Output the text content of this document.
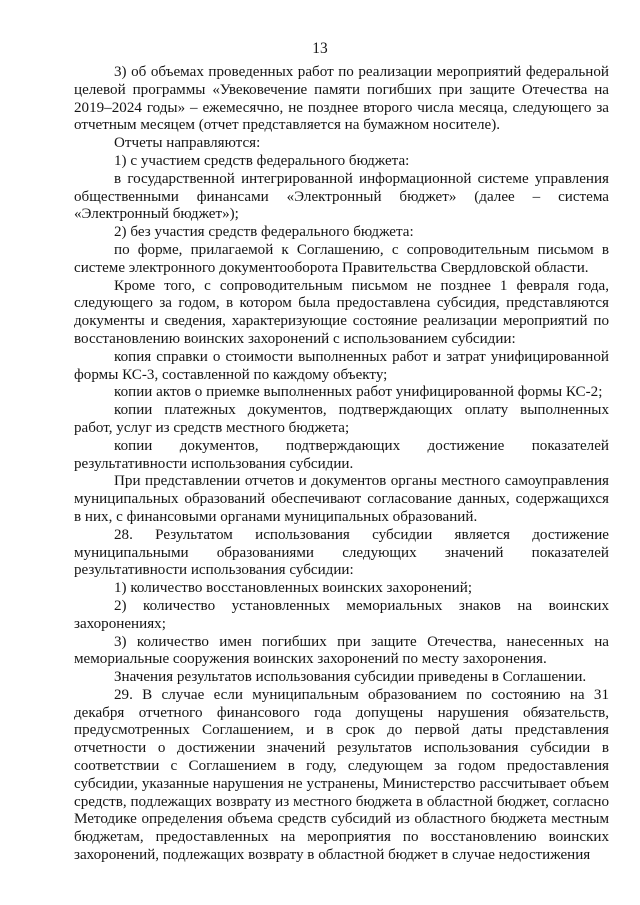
13

3) об объемах проведенных работ по реализации мероприятий федеральной целевой программы «Увековечение памяти погибших при защите Отечества на 2019–2024 годы» – ежемесячно, не позднее второго числа месяца, следующего за отчетным месяцем (отчет представляется на бумажном носителе).

Отчеты направляются:

1) с участием средств федерального бюджета:

в государственной интегрированной информационной системе управления общественными финансами «Электронный бюджет» (далее – система «Электронный бюджет»);

2) без участия средств федерального бюджета:

по форме, прилагаемой к Соглашению, с сопроводительным письмом в системе электронного документооборота Правительства Свердловской области.

Кроме того, с сопроводительным письмом не позднее 1 февраля года, следующего за годом, в котором была предоставлена субсидия, представляются документы и сведения, характеризующие состояние реализации мероприятий по восстановлению воинских захоронений с использованием субсидии:

копия справки о стоимости выполненных работ и затрат унифицированной формы КС-3, составленной по каждому объекту;

копии актов о приемке выполненных работ унифицированной формы КС-2;

копии платежных документов, подтверждающих оплату выполненных работ, услуг из средств местного бюджета;

копии документов, подтверждающих достижение показателей результативности использования субсидии.

При представлении отчетов и документов органы местного самоуправления муниципальных образований обеспечивают согласование данных, содержащихся в них, с финансовыми органами муниципальных образований.

28. Результатом использования субсидии является достижение муниципальными образованиями следующих значений показателей результативности использования субсидии:

1) количество восстановленных воинских захоронений;

2) количество установленных мемориальных знаков на воинских захоронениях;

3) количество имен погибших при защите Отечества, нанесенных на мемориальные сооружения воинских захоронений по месту захоронения.

Значения результатов использования субсидии приведены в Соглашении.

29. В случае если муниципальным образованием по состоянию на 31 декабря отчетного финансового года допущены нарушения обязательств, предусмотренных Соглашением, и в срок до первой даты представления отчетности о достижении значений результатов использования субсидии в соответствии с Соглашением в году, следующем за годом предоставления субсидии, указанные нарушения не устранены, Министерство рассчитывает объем средств, подлежащих возврату из местного бюджета в областной бюджет, согласно Методике определения объема средств субсидий из областного бюджета местным бюджетам, предоставленных на мероприятия по восстановлению воинских захоронений, подлежащих возврату в областной бюджет в случае недостижения
